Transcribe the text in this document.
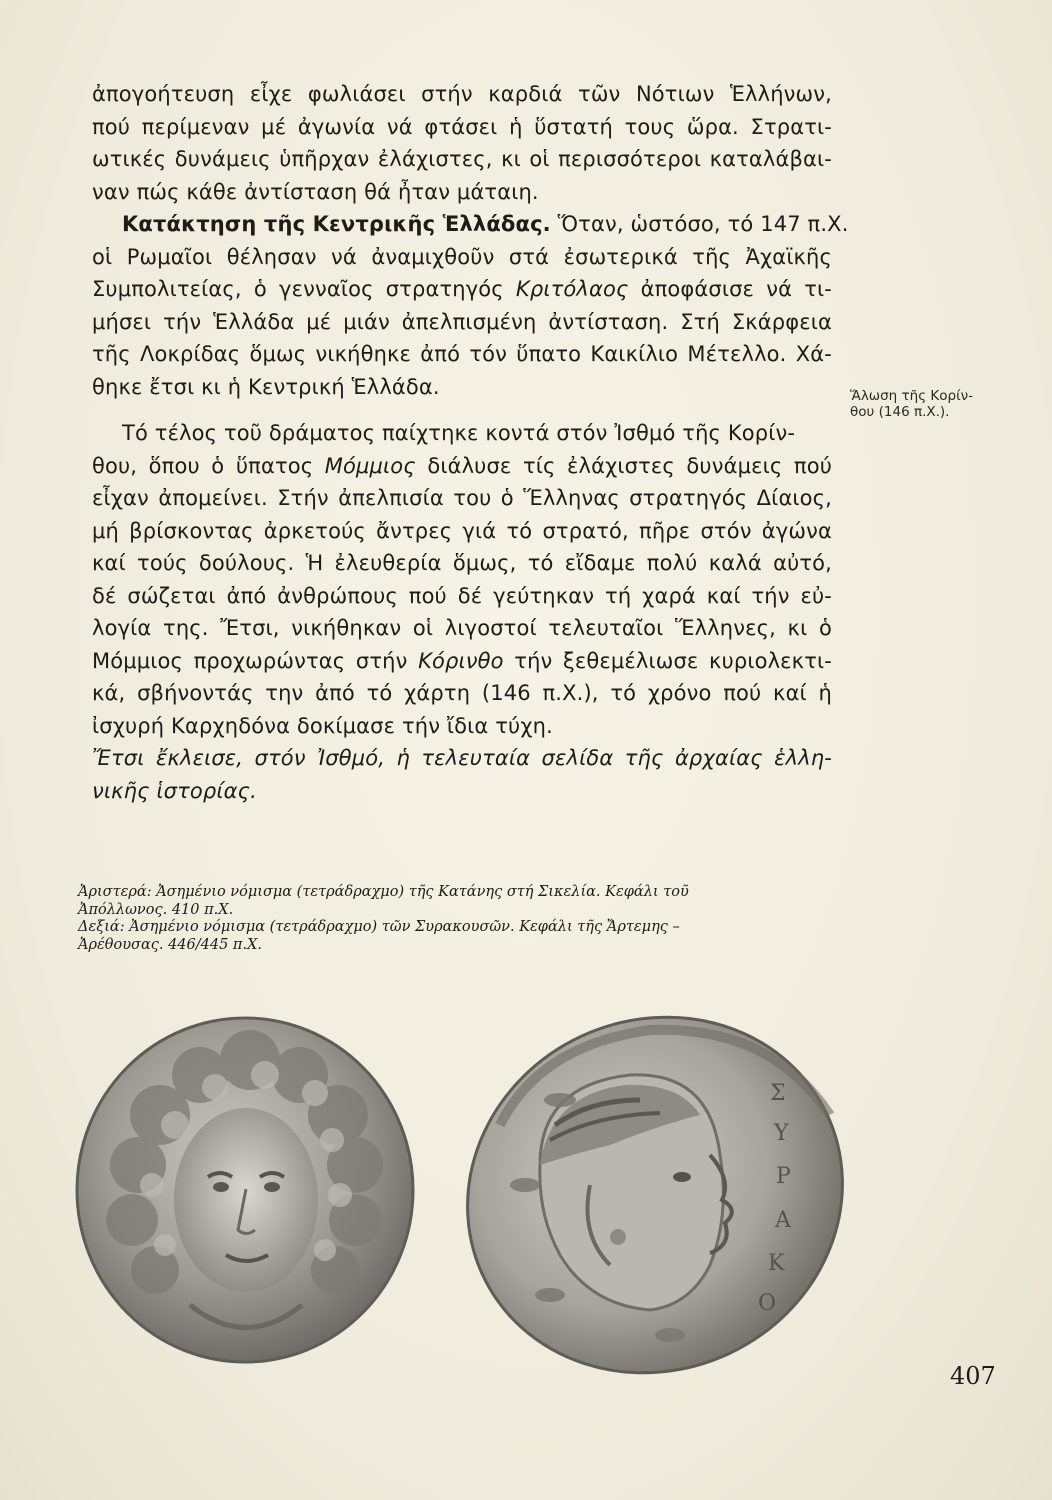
ἀπογοήτευση εἶχε φωλιάσει στήν καρδιά τῶν Νότιων Ἑλλήνων,
πού περίμεναν μέ ἀγωνία νά φτάσει ἡ ὕστατή τους ὥρα. Στρατι-
ωτικές δυνάμεις ὑπῆρχαν ἐλάχιστες, κι οἱ περισσότεροι καταλάβαι-
ναν πώς κάθε ἀντίσταση θά ἦταν μάταιη.

Κατάκτηση τῆς Κεντρικῆς Ἑλλάδας. Ὅταν, ὡστόσο, τό 147 π.Χ.
οἱ Ρωμαῖοι θέλησαν νά ἀναμιχθοῦν στά ἐσωτερικά τῆς Ἀχαϊκῆς
Συμπολιτείας, ὁ γενναῖος στρατηγός Κριτόλαος ἀποφάσισε νά τι-
μήσει τήν Ἑλλάδα μέ μιάν ἀπελπισμένη ἀντίσταση. Στή Σκάρφεια
τῆς Λοκρίδας ὅμως νικήθηκε ἀπό τόν ὕπατο Καικίλιο Μέτελλο. Χά-
θηκε ἔτσι κι ἡ Κεντρική Ἑλλάδα.

Τό τέλος τοῦ δράματος παίχτηκε κοντά στόν Ἰσθμό τῆς Κορίν-
θου, ὅπου ὁ ὕπατος Μόμμιος διάλυσε τίς ἐλάχιστες δυνάμεις πού
εἶχαν ἀπομείνει. Στήν ἀπελπισία του ὁ Ἕλληνας στρατηγός Δίαιος,
μή βρίσκοντας ἀρκετούς ἄντρες γιά τό στρατό, πῆρε στόν ἀγώνα
καί τούς δούλους. Ἡ ἐλευθερία ὅμως, τό εἴδαμε πολύ καλά αὐτό,
δέ σώζεται ἀπό ἀνθρώπους πού δέ γεύτηκαν τή χαρά καί τήν εὐ-
λογία της. Ἔτσι, νικήθηκαν οἱ λιγοστοί τελευταῖοι Ἕλληνες, κι ὁ
Μόμμιος προχωρώντας στήν Κόρινθο τήν ξεθεμέλιωσε κυριολεκτι-
κά, σβήνοντάς την ἀπό τό χάρτη (146 π.Χ.), τό χρόνο πού καί ἡ
ἰσχυρή Καρχηδόνα δοκίμασε τήν ἴδια τύχη.

Ἔτσι ἔκλεισε, στόν Ἰσθμό, ἡ τελευταία σελίδα τῆς ἀρχαίας ἑλλη-
νικῆς ἱστορίας.

Ἅλωση τῆς Κορίν-
θου (146 π.Χ.).
Ἀριστερά: Ἀσημένιο νόμισμα (τετράδραχμο) τῆς Κατάνης στή Σικελία. Κεφάλι τοῦ
Ἀπόλλωνος. 410 π.Χ.
Δεξιά: Ἀσημένιο νόμισμα (τετράδραχμο) τῶν Συρακουσῶν. Κεφάλι τῆς Ἄρτεμης –
Ἀρέθουσας. 446/445 π.Χ.
Σ
Υ
Ρ
Α
Κ
Ο
407
